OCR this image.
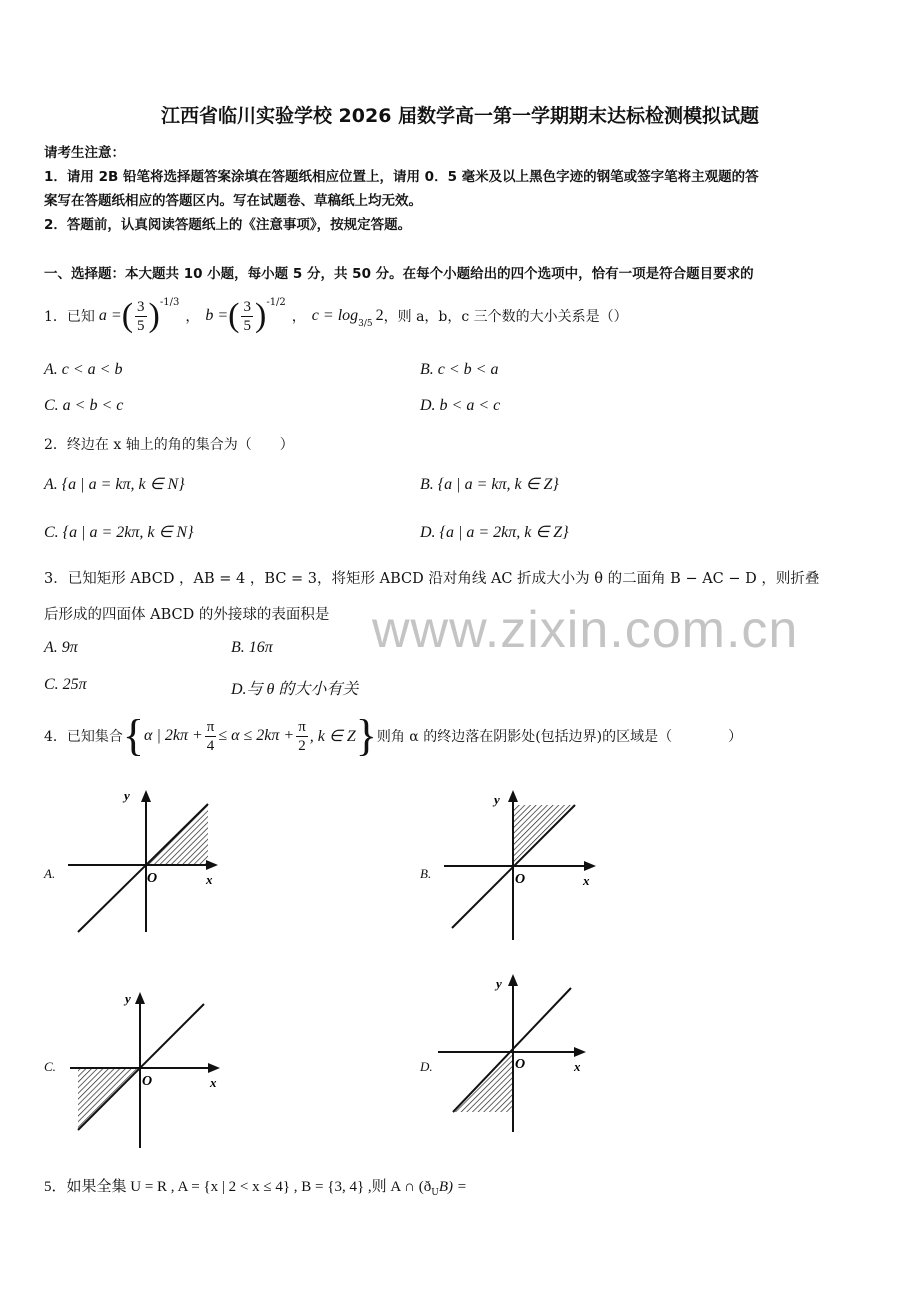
江西省临川实验学校 2026 届数学高一第一学期期末达标检测模拟试题
请考生注意：
1．请用 2B 铅笔将选择题答案涂填在答题纸相应位置上，请用 0．5 毫米及以上黑色字迹的钢笔或签字笔将主观题的答
案写在答题纸相应的答题区内。写在试题卷、草稿纸上均无效。
2．答题前，认真阅读答题纸上的《注意事项》，按规定答题。
一、选择题：本大题共 10 小题，每小题 5 分，共 50 分。在每个小题给出的四个选项中，恰有一项是符合题目要求的
1．已知 a = ( $\frac{3}{5}$ ) -1/3
， b = ( $\frac{3}{5}$ ) -1/2
， c = log 3/5 2 ，则 a，b，c 三个数的大小关系是（）
A. c < a < b	B. c < b < a
C. a < b < c	D. b < a < c
2．终边在 x 轴上的角的集合为（　　）
A. {a | a = kπ, k ∈ N}	B. {a | a = kπ, k ∈ Z}
C. {a | a = 2kπ, k ∈ N}	D. {a | a = 2kπ, k ∈ Z}
3．已知矩形 ABCD ，AB = 4 ，BC = 3，将矩形 ABCD 沿对角线 AC 折成大小为 θ 的二面角 B − AC − D ，则折叠
后形成的四面体 ABCD 的外接球的表面积是
A. 9π	B. 16π
C. 25π	D.与 θ 的大小有关
4．已知集合 { α | $2k\pi + \frac{\pi}{4} \le \alpha \le 2k\pi + \frac{\pi}{2}$ , k ∈ Z } 则角 α 的终边落在阴影处(包括边界)的区域是（　　　　）
A.	B.
C.	D.
y
x
O
y
x
O
y
x
O
y
x
O
5．如果全集 U = R , A = {x | 2 < x ≤ 4} , B = {3, 4} ,则 A ∩ (ð U B) =
www.zixin.com.cn
